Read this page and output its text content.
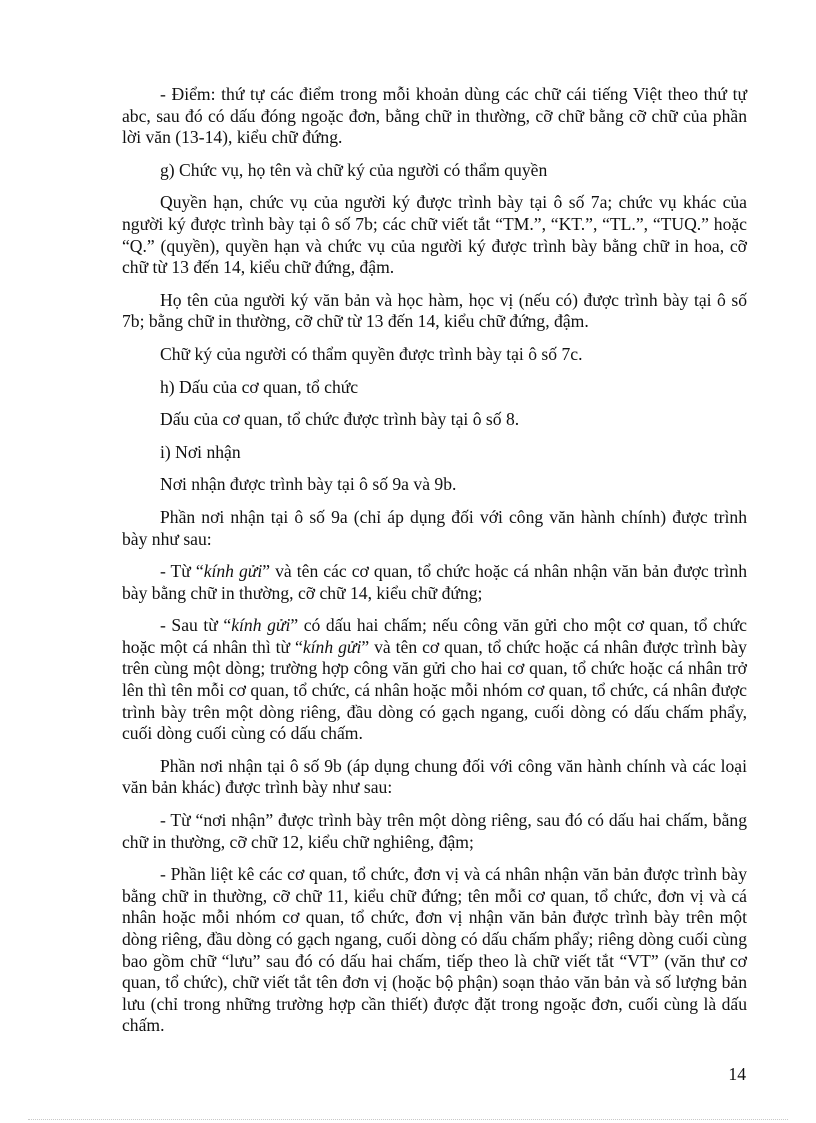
- Điểm: thứ tự các điểm trong mỗi khoản dùng các chữ cái tiếng Việt theo thứ tự abc, sau đó có dấu đóng ngoặc đơn, bằng chữ in thường, cỡ chữ bằng cỡ chữ của phần lời văn (13-14), kiểu chữ đứng.

g) Chức vụ, họ tên và chữ ký của người có thẩm quyền

Quyền hạn, chức vụ của người ký được trình bày tại ô số 7a; chức vụ khác của người ký được trình bày tại ô số 7b; các chữ viết tắt “TM.”, “KT.”, “TL.”, “TUQ.” hoặc “Q.” (quyền), quyền hạn và chức vụ của người ký được trình bày bằng chữ in hoa, cỡ chữ từ 13 đến 14, kiểu chữ đứng, đậm.

Họ tên của người ký văn bản và học hàm, học vị (nếu có) được trình bày tại ô số 7b; bằng chữ in thường, cỡ chữ từ 13 đến 14, kiểu chữ đứng, đậm.

Chữ ký của người có thẩm quyền được trình bày tại ô số 7c.

h) Dấu của cơ quan, tổ chức

Dấu của cơ quan, tổ chức được trình bày tại ô số 8.

i) Nơi nhận

Nơi nhận được trình bày tại ô số 9a và 9b.

Phần nơi nhận tại ô số 9a (chỉ áp dụng đối với công văn hành chính) được trình bày như sau:

- Từ “kính gửi” và tên các cơ quan, tổ chức hoặc cá nhân nhận văn bản được trình bày bằng chữ in thường, cỡ chữ 14, kiểu chữ đứng;

- Sau từ “kính gửi” có dấu hai chấm; nếu công văn gửi cho một cơ quan, tổ chức hoặc một cá nhân thì từ “kính gửi” và tên cơ quan, tổ chức hoặc cá nhân được trình bày trên cùng một dòng; trường hợp công văn gửi cho hai cơ quan, tổ chức hoặc cá nhân trở lên thì tên mỗi cơ quan, tổ chức, cá nhân hoặc mỗi nhóm cơ quan, tổ chức, cá nhân được trình bày trên một dòng riêng, đầu dòng có gạch ngang, cuối dòng có dấu chấm phẩy, cuối dòng cuối cùng có dấu chấm.

Phần nơi nhận tại ô số 9b (áp dụng chung đối với công văn hành chính và các loại văn bản khác) được trình bày như sau:

- Từ “nơi nhận” được trình bày trên một dòng riêng, sau đó có dấu hai chấm, bằng chữ in thường, cỡ chữ 12, kiểu chữ nghiêng, đậm;

- Phần liệt kê các cơ quan, tổ chức, đơn vị và cá nhân nhận văn bản được trình bày bằng chữ in thường, cỡ chữ 11, kiểu chữ đứng; tên mỗi cơ quan, tổ chức, đơn vị và cá nhân hoặc mỗi nhóm cơ quan, tổ chức, đơn vị nhận văn bản được trình bày trên một dòng riêng, đầu dòng có gạch ngang, cuối dòng có dấu chấm phẩy; riêng dòng cuối cùng bao gồm chữ “lưu” sau đó có dấu hai chấm, tiếp theo là chữ viết tắt “VT” (văn thư cơ quan, tổ chức), chữ viết tắt tên đơn vị (hoặc bộ phận) soạn thảo văn bản và số lượng bản lưu (chỉ trong những trường hợp cần thiết) được đặt trong ngoặc đơn, cuối cùng là dấu chấm.

14
